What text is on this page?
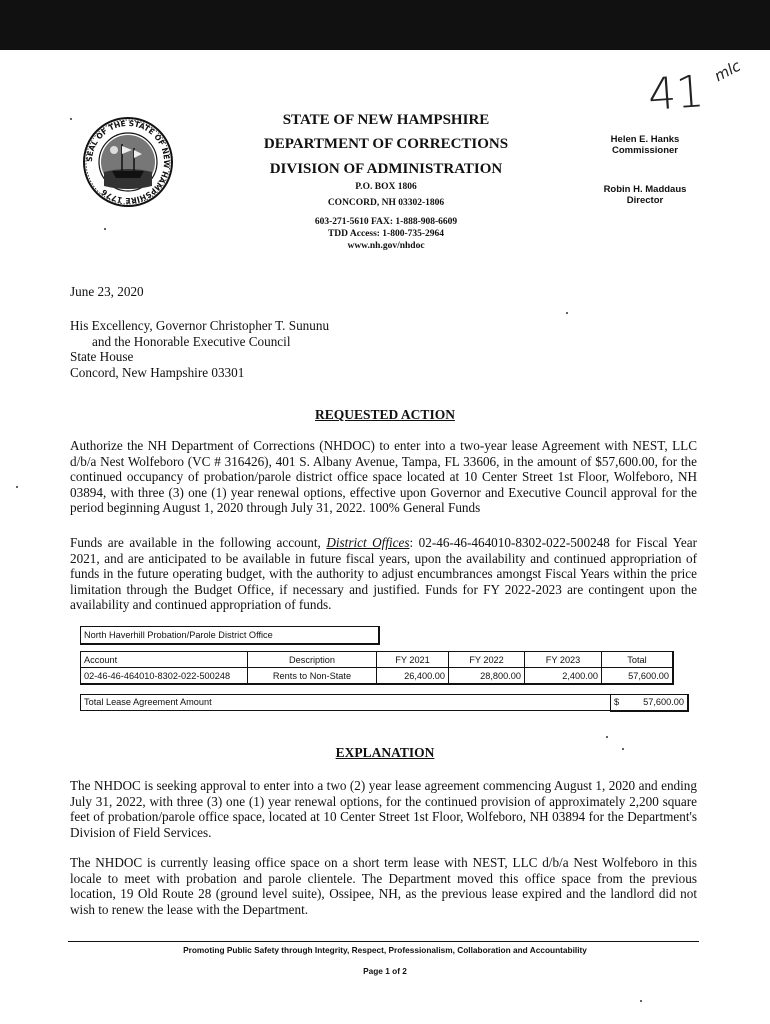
41 mlc
SEAL OF THE STATE OF NEW HAMPSHIRE 1776
STATE OF NEW HAMPSHIRE
DEPARTMENT OF CORRECTIONS
DIVISION OF ADMINISTRATION
P.O. BOX 1806
CONCORD, NH 03302-1806
603-271-5610 FAX: 1-888-908-6609
TDD Access: 1-800-735-2964
www.nh.gov/nhdoc
Helen E. Hanks
Commissioner
Robin H. Maddaus
Director
June 23, 2020
His Excellency, Governor Christopher T. Sununu
and the Honorable Executive Council
State House
Concord, New Hampshire 03301
REQUESTED ACTION
Authorize the NH Department of Corrections (NHDOC) to enter into a two-year lease Agreement with NEST, LLC d/b/a Nest Wolfeboro (VC # 316426), 401 S. Albany Avenue, Tampa, FL 33606, in the amount of $57,600.00, for the continued occupancy of probation/parole district office space located at 10 Center Street 1st Floor, Wolfeboro, NH 03894, with three (3) one (1) year renewal options, effective upon Governor and Executive Council approval for the period beginning August 1, 2020 through July 31, 2022. 100% General Funds
Funds are available in the following account, District Offices: 02-46-46-464010-8302-022-500248 for Fiscal Year 2021, and are anticipated to be available in future fiscal years, upon the availability and continued appropriation of funds in the future operating budget, with the authority to adjust encumbrances amongst Fiscal Years within the price limitation through the Budget Office, if necessary and justified. Funds for FY 2022-2023 are contingent upon the availability and continued appropriation of funds.
North Haverhill Probation/Parole District Office
Account	Description	FY 2021	FY 2022	FY 2023	Total
02-46-46-464010-8302-022-500248	Rents to Non-State	26,400.00	28,800.00	2,400.00	57,600.00
Total Lease Agreement Amount	$	57,600.00
EXPLANATION
The NHDOC is seeking approval to enter into a two (2) year lease agreement commencing August 1, 2020 and ending July 31, 2022, with three (3) one (1) year renewal options, for the continued provision of approximately 2,200 square feet of probation/parole office space, located at 10 Center Street 1st Floor, Wolfeboro, NH 03894 for the Department's Division of Field Services.
The NHDOC is currently leasing office space on a short term lease with NEST, LLC d/b/a Nest Wolfeboro in this locale to meet with probation and parole clientele. The Department moved this office space from the previous location, 19 Old Route 28 (ground level suite), Ossipee, NH, as the previous lease expired and the landlord did not wish to renew the lease with the Department.
Promoting Public Safety through Integrity, Respect, Professionalism, Collaboration and Accountability
Page 1 of 2
